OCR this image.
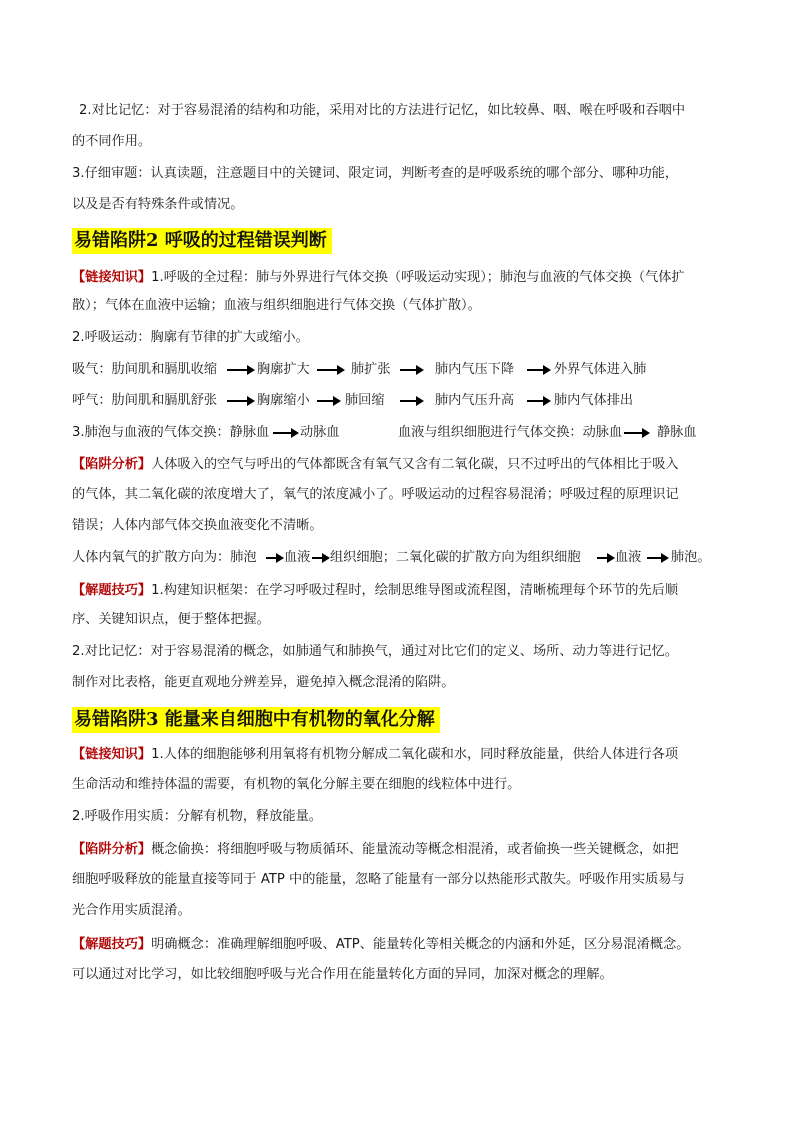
2.对比记忆：对于容易混淆的结构和功能，采用对比的方法进行记忆，如比较鼻、咽、喉在呼吸和吞咽中
的不同作用。
3.仔细审题：认真读题，注意题目中的关键词、限定词，判断考查的是呼吸系统的哪个部分、哪种功能，
以及是否有特殊条件或情况。
易错陷阱2 呼吸的过程错误判断
【链接知识】1.呼吸的全过程：肺与外界进行气体交换（呼吸运动实现）；肺泡与血液的气体交换（气体扩
散）；气体在血液中运输；血液与组织细胞进行气体交换（气体扩散）。
2.呼吸运动：胸廓有节律的扩大或缩小。
吸气：肋间肌和膈肌收缩	胸廓扩大	肺扩张	肺内气压下降	外界气体进入肺
呼气：肋间肌和膈肌舒张	胸廓缩小	肺回缩	肺内气压升高	肺内气体排出
3.肺泡与血液的气体交换：静脉血 动脉血	血液与组织细胞进行气体交换：动脉血	静脉血
【陷阱分析】人体吸入的空气与呼出的气体都既含有氧气又含有二氧化碳，只不过呼出的气体相比于吸入
的气体，其二氧化碳的浓度增大了，氧气的浓度减小了。呼吸运动的过程容易混淆；呼吸过程的原理识记
错误；人体内部气体交换血液变化不清晰。
人体内氧气的扩散方向为：肺泡 血液 组织细胞；二氧化碳的扩散方向为组织细胞	血液 肺泡。
【解题技巧】1.构建知识框架：在学习呼吸过程时，绘制思维导图或流程图，清晰梳理每个环节的先后顺
序、关键知识点，便于整体把握。
2.对比记忆：对于容易混淆的概念，如肺通气和肺换气，通过对比它们的定义、场所、动力等进行记忆。
制作对比表格，能更直观地分辨差异，避免掉入概念混淆的陷阱。
易错陷阱3 能量来自细胞中有机物的氧化分解
【链接知识】1.人体的细胞能够利用氧将有机物分解成二氧化碳和水，同时释放能量，供给人体进行各项
生命活动和维持体温的需要，有机物的氧化分解主要在细胞的线粒体中进行。
2.呼吸作用实质：分解有机物，释放能量。
【陷阱分析】概念偷换：将细胞呼吸与物质循环、能量流动等概念相混淆，或者偷换一些关键概念，如把
细胞呼吸释放的能量直接等同于 ATP 中的能量，忽略了能量有一部分以热能形式散失。呼吸作用实质易与
光合作用实质混淆。
【解题技巧】明确概念：准确理解细胞呼吸、ATP、能量转化等相关概念的内涵和外延，区分易混淆概念。
可以通过对比学习，如比较细胞呼吸与光合作用在能量转化方面的异同，加深对概念的理解。
